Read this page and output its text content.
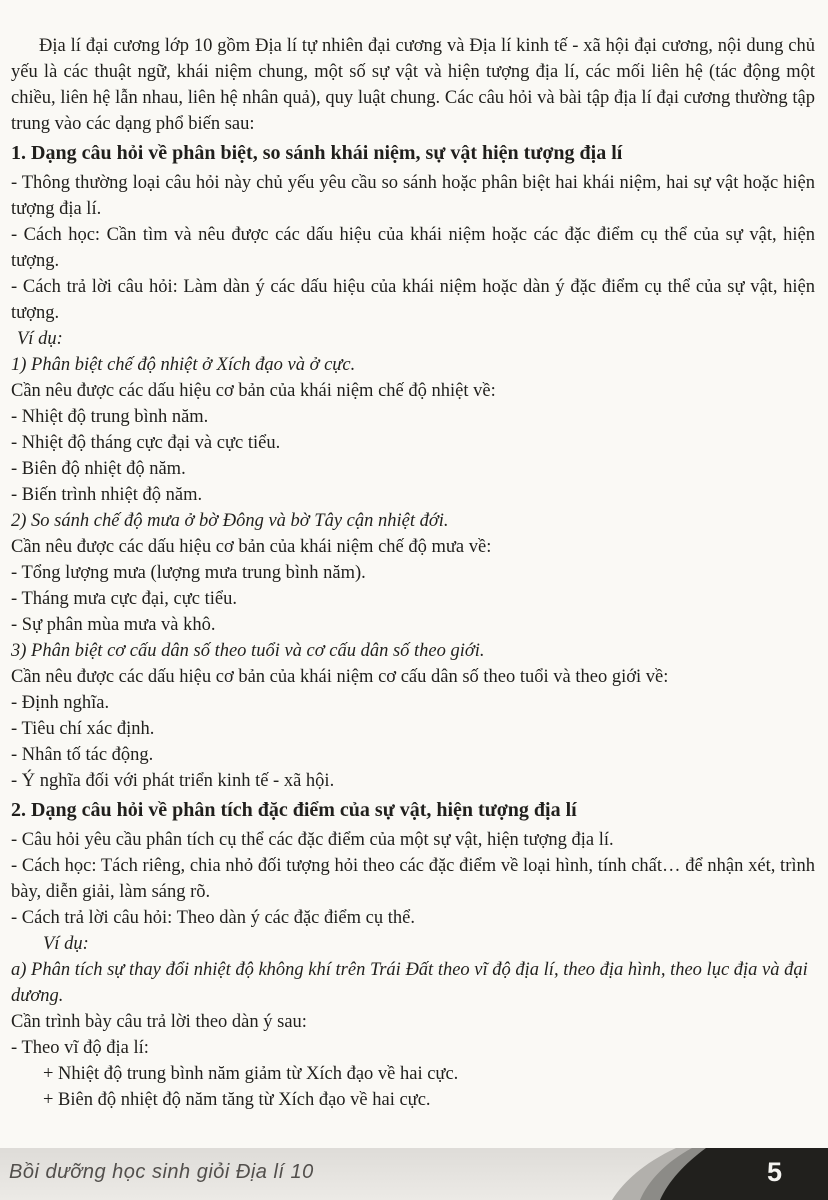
Địa lí đại cương lớp 10 gồm Địa lí tự nhiên đại cương và Địa lí kinh tế - xã hội đại cương, nội dung chủ yếu là các thuật ngữ, khái niệm chung, một số sự vật và hiện tượng địa lí, các mối liên hệ (tác động một chiều, liên hệ lẫn nhau, liên hệ nhân quả), quy luật chung. Các câu hỏi và bài tập địa lí đại cương thường tập trung vào các dạng phổ biến sau:

1. Dạng câu hỏi về phân biệt, so sánh khái niệm, sự vật hiện tượng địa lí

- Thông thường loại câu hỏi này chủ yếu yêu cầu so sánh hoặc phân biệt hai khái niệm, hai sự vật hoặc hiện tượng địa lí.

- Cách học: Cần tìm và nêu được các dấu hiệu của khái niệm hoặc các đặc điểm cụ thể của sự vật, hiện tượng.

- Cách trả lời câu hỏi: Làm dàn ý các dấu hiệu của khái niệm hoặc dàn ý đặc điểm cụ thể của sự vật, hiện tượng.

Ví dụ:

1) Phân biệt chế độ nhiệt ở Xích đạo và ở cực.

Cần nêu được các dấu hiệu cơ bản của khái niệm chế độ nhiệt về:

- Nhiệt độ trung bình năm.

- Nhiệt độ tháng cực đại và cực tiểu.

- Biên độ nhiệt độ năm.

- Biến trình nhiệt độ năm.

2) So sánh chế độ mưa ở bờ Đông và bờ Tây cận nhiệt đới.

Cần nêu được các dấu hiệu cơ bản của khái niệm chế độ mưa về:

- Tổng lượng mưa (lượng mưa trung bình năm).

- Tháng mưa cực đại, cực tiểu.

- Sự phân mùa mưa và khô.

3) Phân biệt cơ cấu dân số theo tuổi và cơ cấu dân số theo giới.

Cần nêu được các dấu hiệu cơ bản của khái niệm cơ cấu dân số theo tuổi và theo giới về:

- Định nghĩa.

- Tiêu chí xác định.

- Nhân tố tác động.

- Ý nghĩa đối với phát triển kinh tế - xã hội.

2. Dạng câu hỏi về phân tích đặc điểm của sự vật, hiện tượng địa lí

- Câu hỏi yêu cầu phân tích cụ thể các đặc điểm của một sự vật, hiện tượng địa lí.

- Cách học: Tách riêng, chia nhỏ đối tượng hỏi theo các đặc điểm về loại hình, tính chất… để nhận xét, trình bày, diễn giải, làm sáng rõ.

- Cách trả lời câu hỏi: Theo dàn ý các đặc điểm cụ thể.

Ví dụ:

a) Phân tích sự thay đổi nhiệt độ không khí trên Trái Đất theo vĩ độ địa lí, theo địa hình, theo lục địa và đại dương.

Cần trình bày câu trả lời theo dàn ý sau:

- Theo vĩ độ địa lí:

+ Nhiệt độ trung bình năm giảm từ Xích đạo về hai cực.

+ Biên độ nhiệt độ năm tăng từ Xích đạo về hai cực.

Bồi dưỡng học sinh giỏi Địa lí 10	5
